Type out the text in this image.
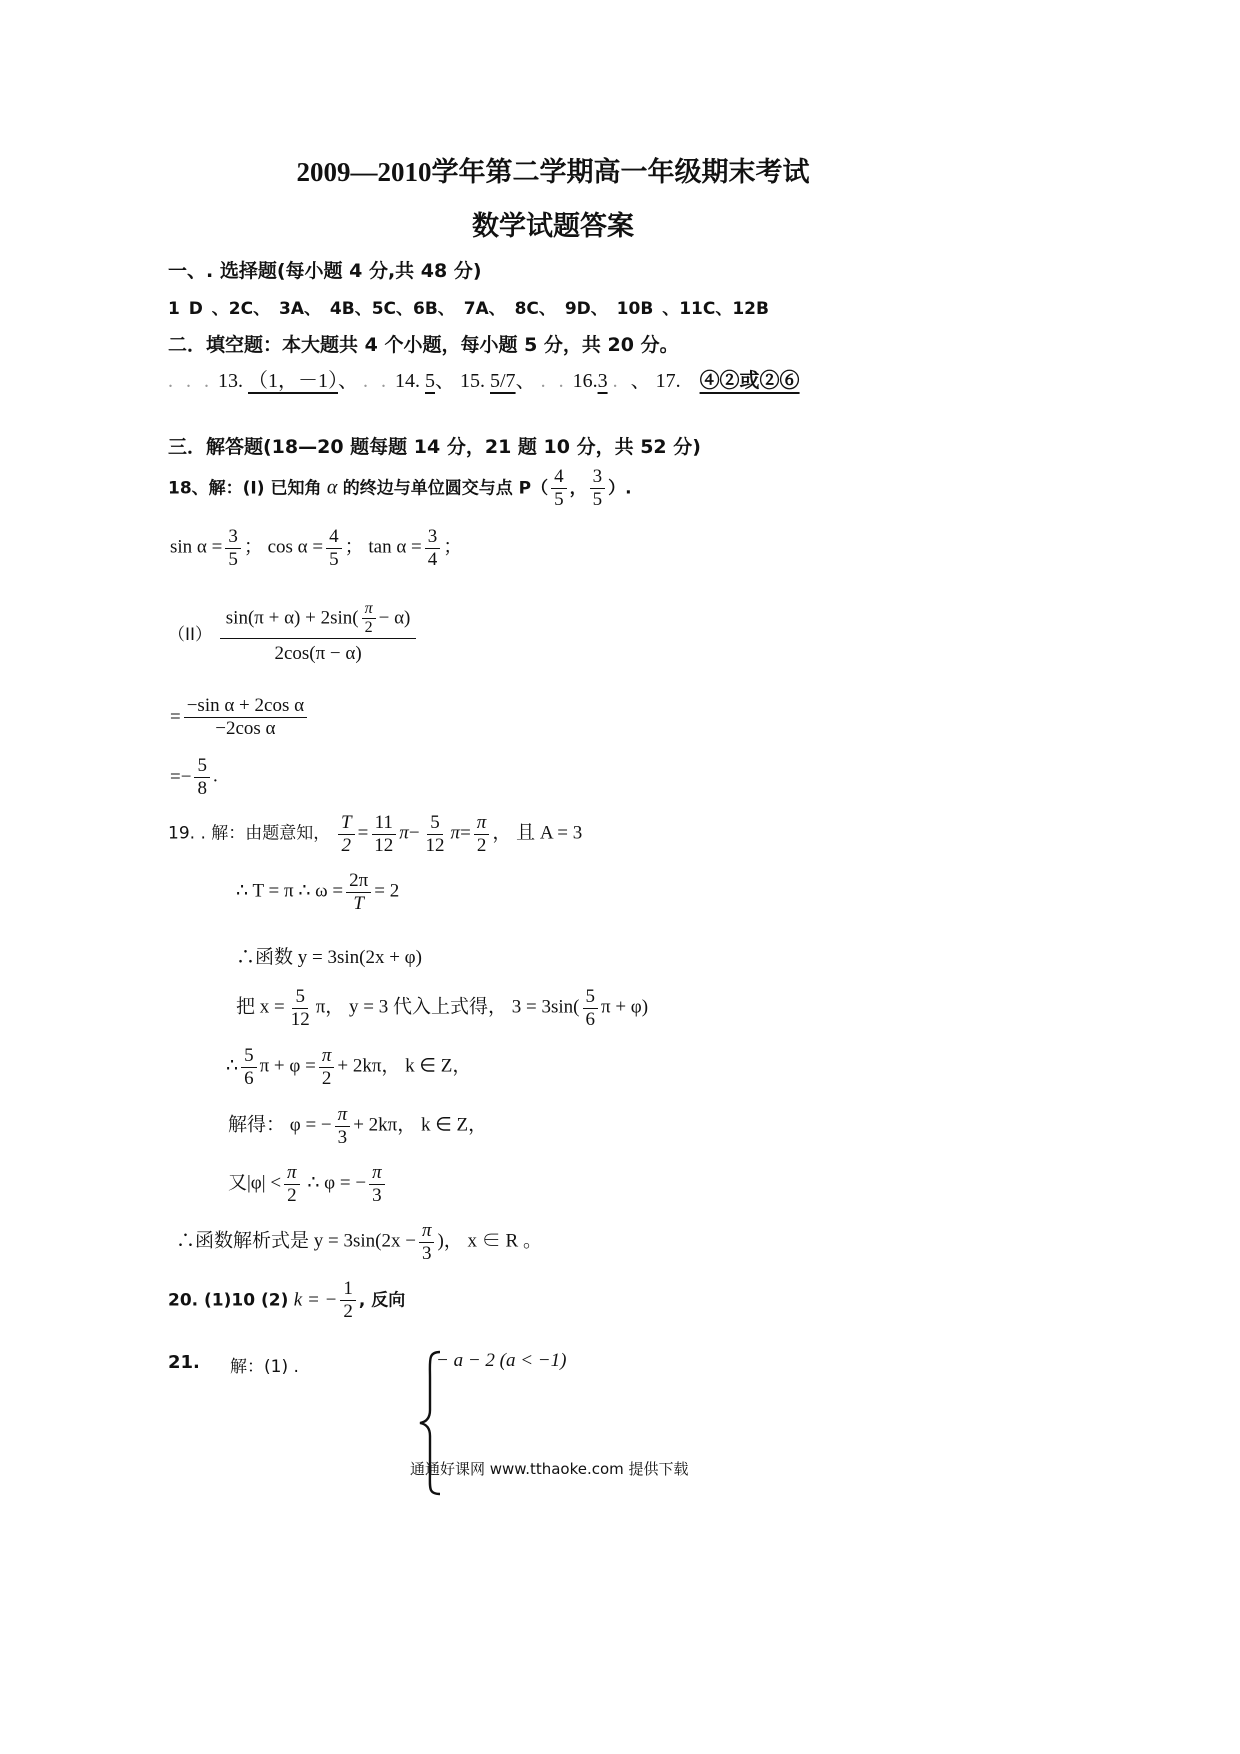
2009—2010学年第二学期高一年级期末考试
数学试题答案
一、. 选择题(每小题 4 分,共 48 分)
1 D 、2C、 3A、 4B、5C、6B、 7A、 8C、 9D、 10B 、11C、12B
二．填空题：本大题共 4 个小题，每小题 5 分，共 20 分。
. . . 13. （1，－1）、 . . 14. 5、 15. 5/7、 . . 16.3 . 、 17. ④②或②⑥
三．解答题(18—20 题每题 14 分，21 题 10 分，共 52 分)
18、解：(I) 已知角 α 的终边与单位圆交与点 $P( \frac{4}{5}$ ， $\frac{3}{5}$ ）.
$\sin \alpha = \frac{3}{5}$ ； $\cos \alpha = \frac{4}{5}$ ； $\tan \alpha = \frac{3}{4}$ ；
$(II) \frac{\sin(\pi + \alpha) + 2\sin( \frac{\pi}{2} - \alpha)}{2\cos(\pi - \alpha)}$
= $\frac{\text{−sin α + 2cos α}}{\text{−2cos α}}$
=− $\frac{5}{8}$ .
19. . 解：由题意知， $\frac{T}{2} = \frac{11}{12} \pi- \frac{5}{12} \pi= \frac{\pi}{2}$ ， 且 A = 3
∴ T = π ∴ $\omega = \frac{2\pi}{T} = 2$
∴函数 y = 3sin(2x + φ)
把 $x = \frac{5}{12}$ π， y = 3 代入上式得， $3 = 3\sin( \frac{5}{6}$ π + φ)
∴ $\frac{5}{6}$ $\pi + \varphi = \frac{\pi}{2} + 2k\pi$， k ∈ Z，
解得： φ = − $\frac{\pi}{3} + 2k\pi$， k ∈ Z，
又$|\varphi| < \frac{\pi}{2}$ ∴ φ = − $\frac{\pi}{3}$
∴函数解析式是 $y = 3\sin(2x - \frac{\pi}{3}$ )， x ∈ R 。
20. (1)10 (2) k = − $\frac{1}{2}$ , 反向
21. 解：(1) .	− a − 2 (a < −1)
通通好课网 www.tthaoke.com 提供下载
